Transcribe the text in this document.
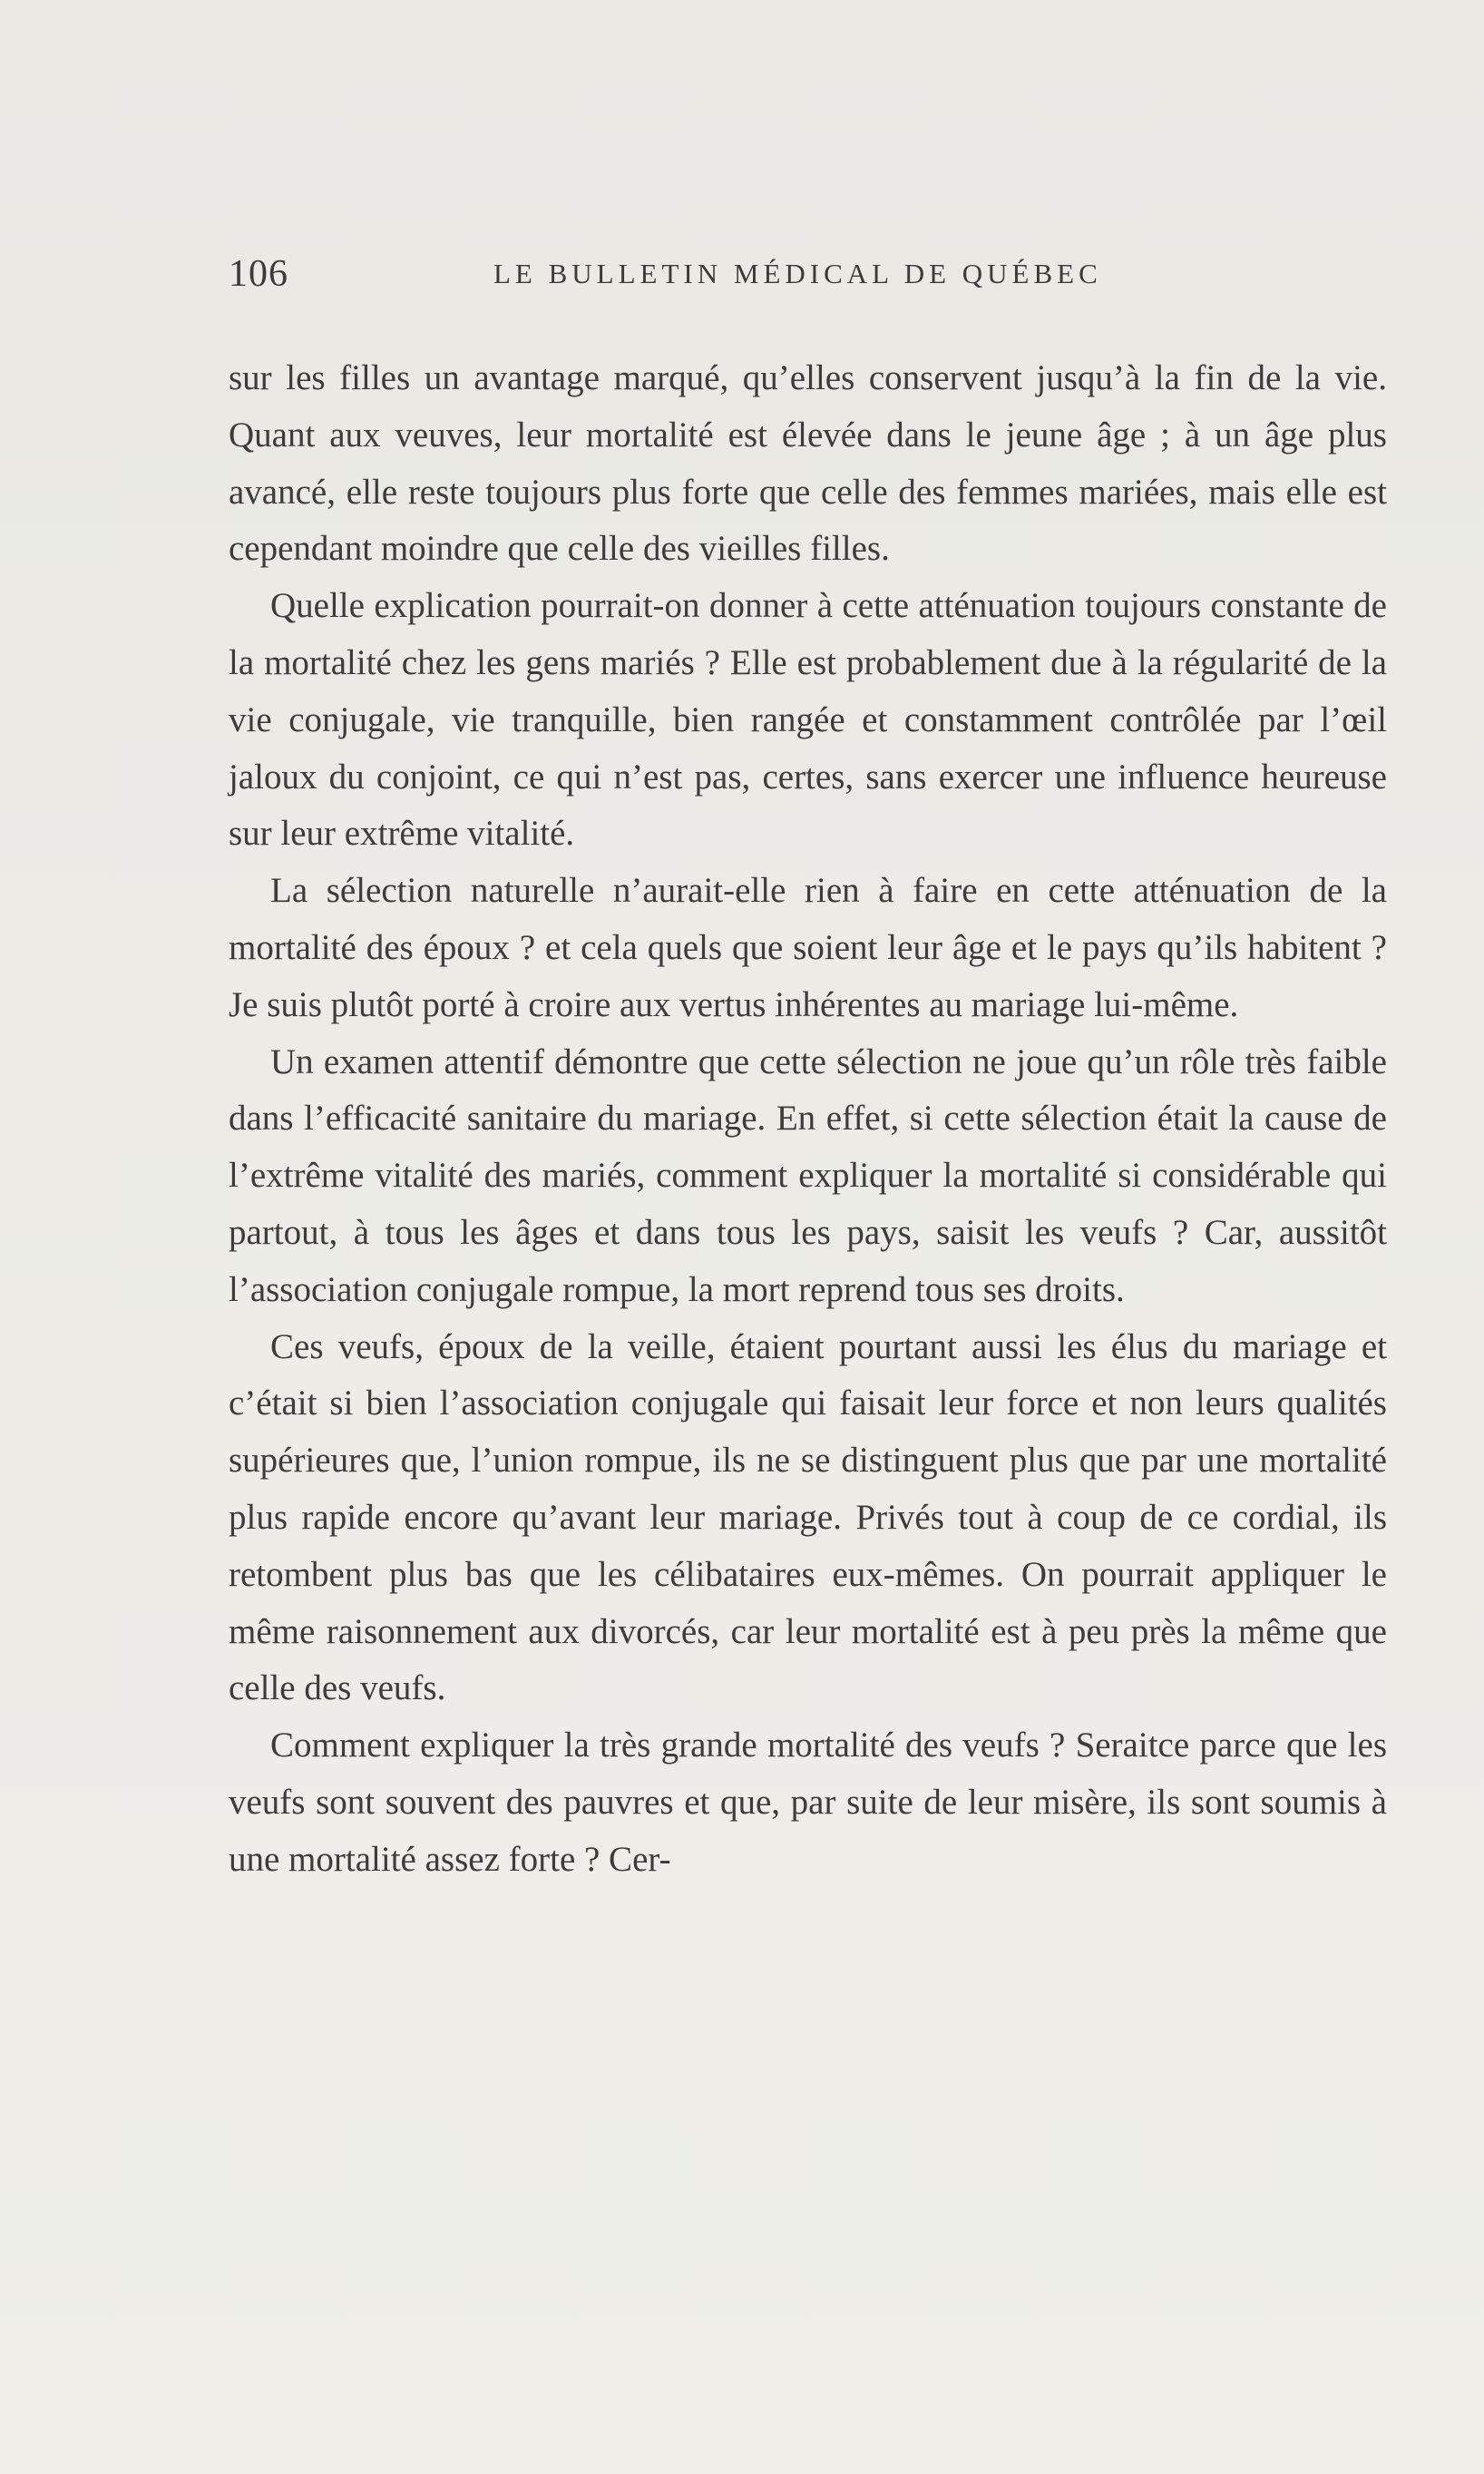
106	LE BULLETIN MÉDICAL DE QUÉBEC

sur les filles un avantage marqué, qu’elles conservent jusqu’à la fin de la vie. Quant aux veuves, leur mortalité est élevée dans le jeune âge ; à un âge plus avancé, elle reste toujours plus forte que celle des femmes mariées, mais elle est cependant moindre que celle des vieilles filles.

Quelle explication pourrait-on donner à cette atténuation toujours constante de la mortalité chez les gens mariés ? Elle est probablement due à la régularité de la vie conjugale, vie tranquille, bien rangée et constamment contrôlée par l’œil jaloux du conjoint, ce qui n’est pas, certes, sans exercer une influence heureuse sur leur extrême vitalité.

La sélection naturelle n’aurait-elle rien à faire en cette atténuation de la mortalité des époux ? et cela quels que soient leur âge et le pays qu’ils habitent ? Je suis plutôt porté à croire aux vertus inhérentes au mariage lui-même.

Un examen attentif démontre que cette sélection ne joue qu’un rôle très faible dans l’efficacité sanitaire du mariage. En effet, si cette sélection était la cause de l’extrême vitalité des mariés, comment expliquer la mortalité si considérable qui partout, à tous les âges et dans tous les pays, saisit les veufs ? Car, aussitôt l’association conjugale rompue, la mort reprend tous ses droits.

Ces veufs, époux de la veille, étaient pourtant aussi les élus du mariage et c’était si bien l’association conjugale qui faisait leur force et non leurs qualités supérieures que, l’union rompue, ils ne se distinguent plus que par une mortalité plus rapide encore qu’avant leur mariage. Privés tout à coup de ce cordial, ils retombent plus bas que les célibataires eux-mêmes. On pourrait appliquer le même raisonnement aux divorcés, car leur mortalité est à peu près la même que celle des veufs.

Comment expliquer la très grande mortalité des veufs ? Seraitce parce que les veufs sont souvent des pauvres et que, par suite de leur misère, ils sont soumis à une mortalité assez forte ? Cer-
